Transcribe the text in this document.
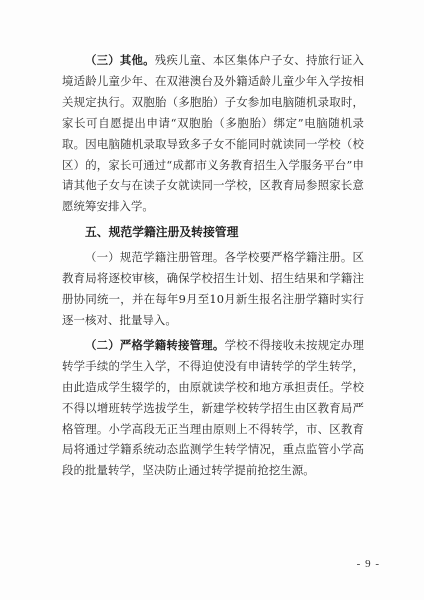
（三）其他。残疾儿童、本区集体户子女、持旅行证入境适龄儿童少年、在双港澳台及外籍适龄儿童少年入学按相关规定执行。双胞胎（多胞胎）子女参加电脑随机录取时，家长可自愿提出申请“双胞胎（多胞胎）绑定”电脑随机录取。因电脑随机录取导致多子女不能同时就读同一学校（校区）的，家长可通过“成都市义务教育招生入学服务平台”申请其他子女与在读子女就读同一学校，区教育局参照家长意愿统筹安排入学。

五、规范学籍注册及转接管理

（一）规范学籍注册管理。各学校要严格学籍注册。区教育局将逐校审核，确保学校招生计划、招生结果和学籍注册协同统一，并在每年9月至10月新生报名注册学籍时实行逐一核对、批量导入。

（二）严格学籍转接管理。学校不得接收未按规定办理转学手续的学生入学，不得迫使没有申请转学的学生转学，由此造成学生辍学的，由原就读学校和地方承担责任。学校不得以增班转学选拔学生，新建学校转学招生由区教育局严格管理。小学高段无正当理由原则上不得转学，市、区教育局将通过学籍系统动态监测学生转学情况，重点监管小学高段的批量转学，坚决防止通过转学提前抢挖生源。

- 9 -
